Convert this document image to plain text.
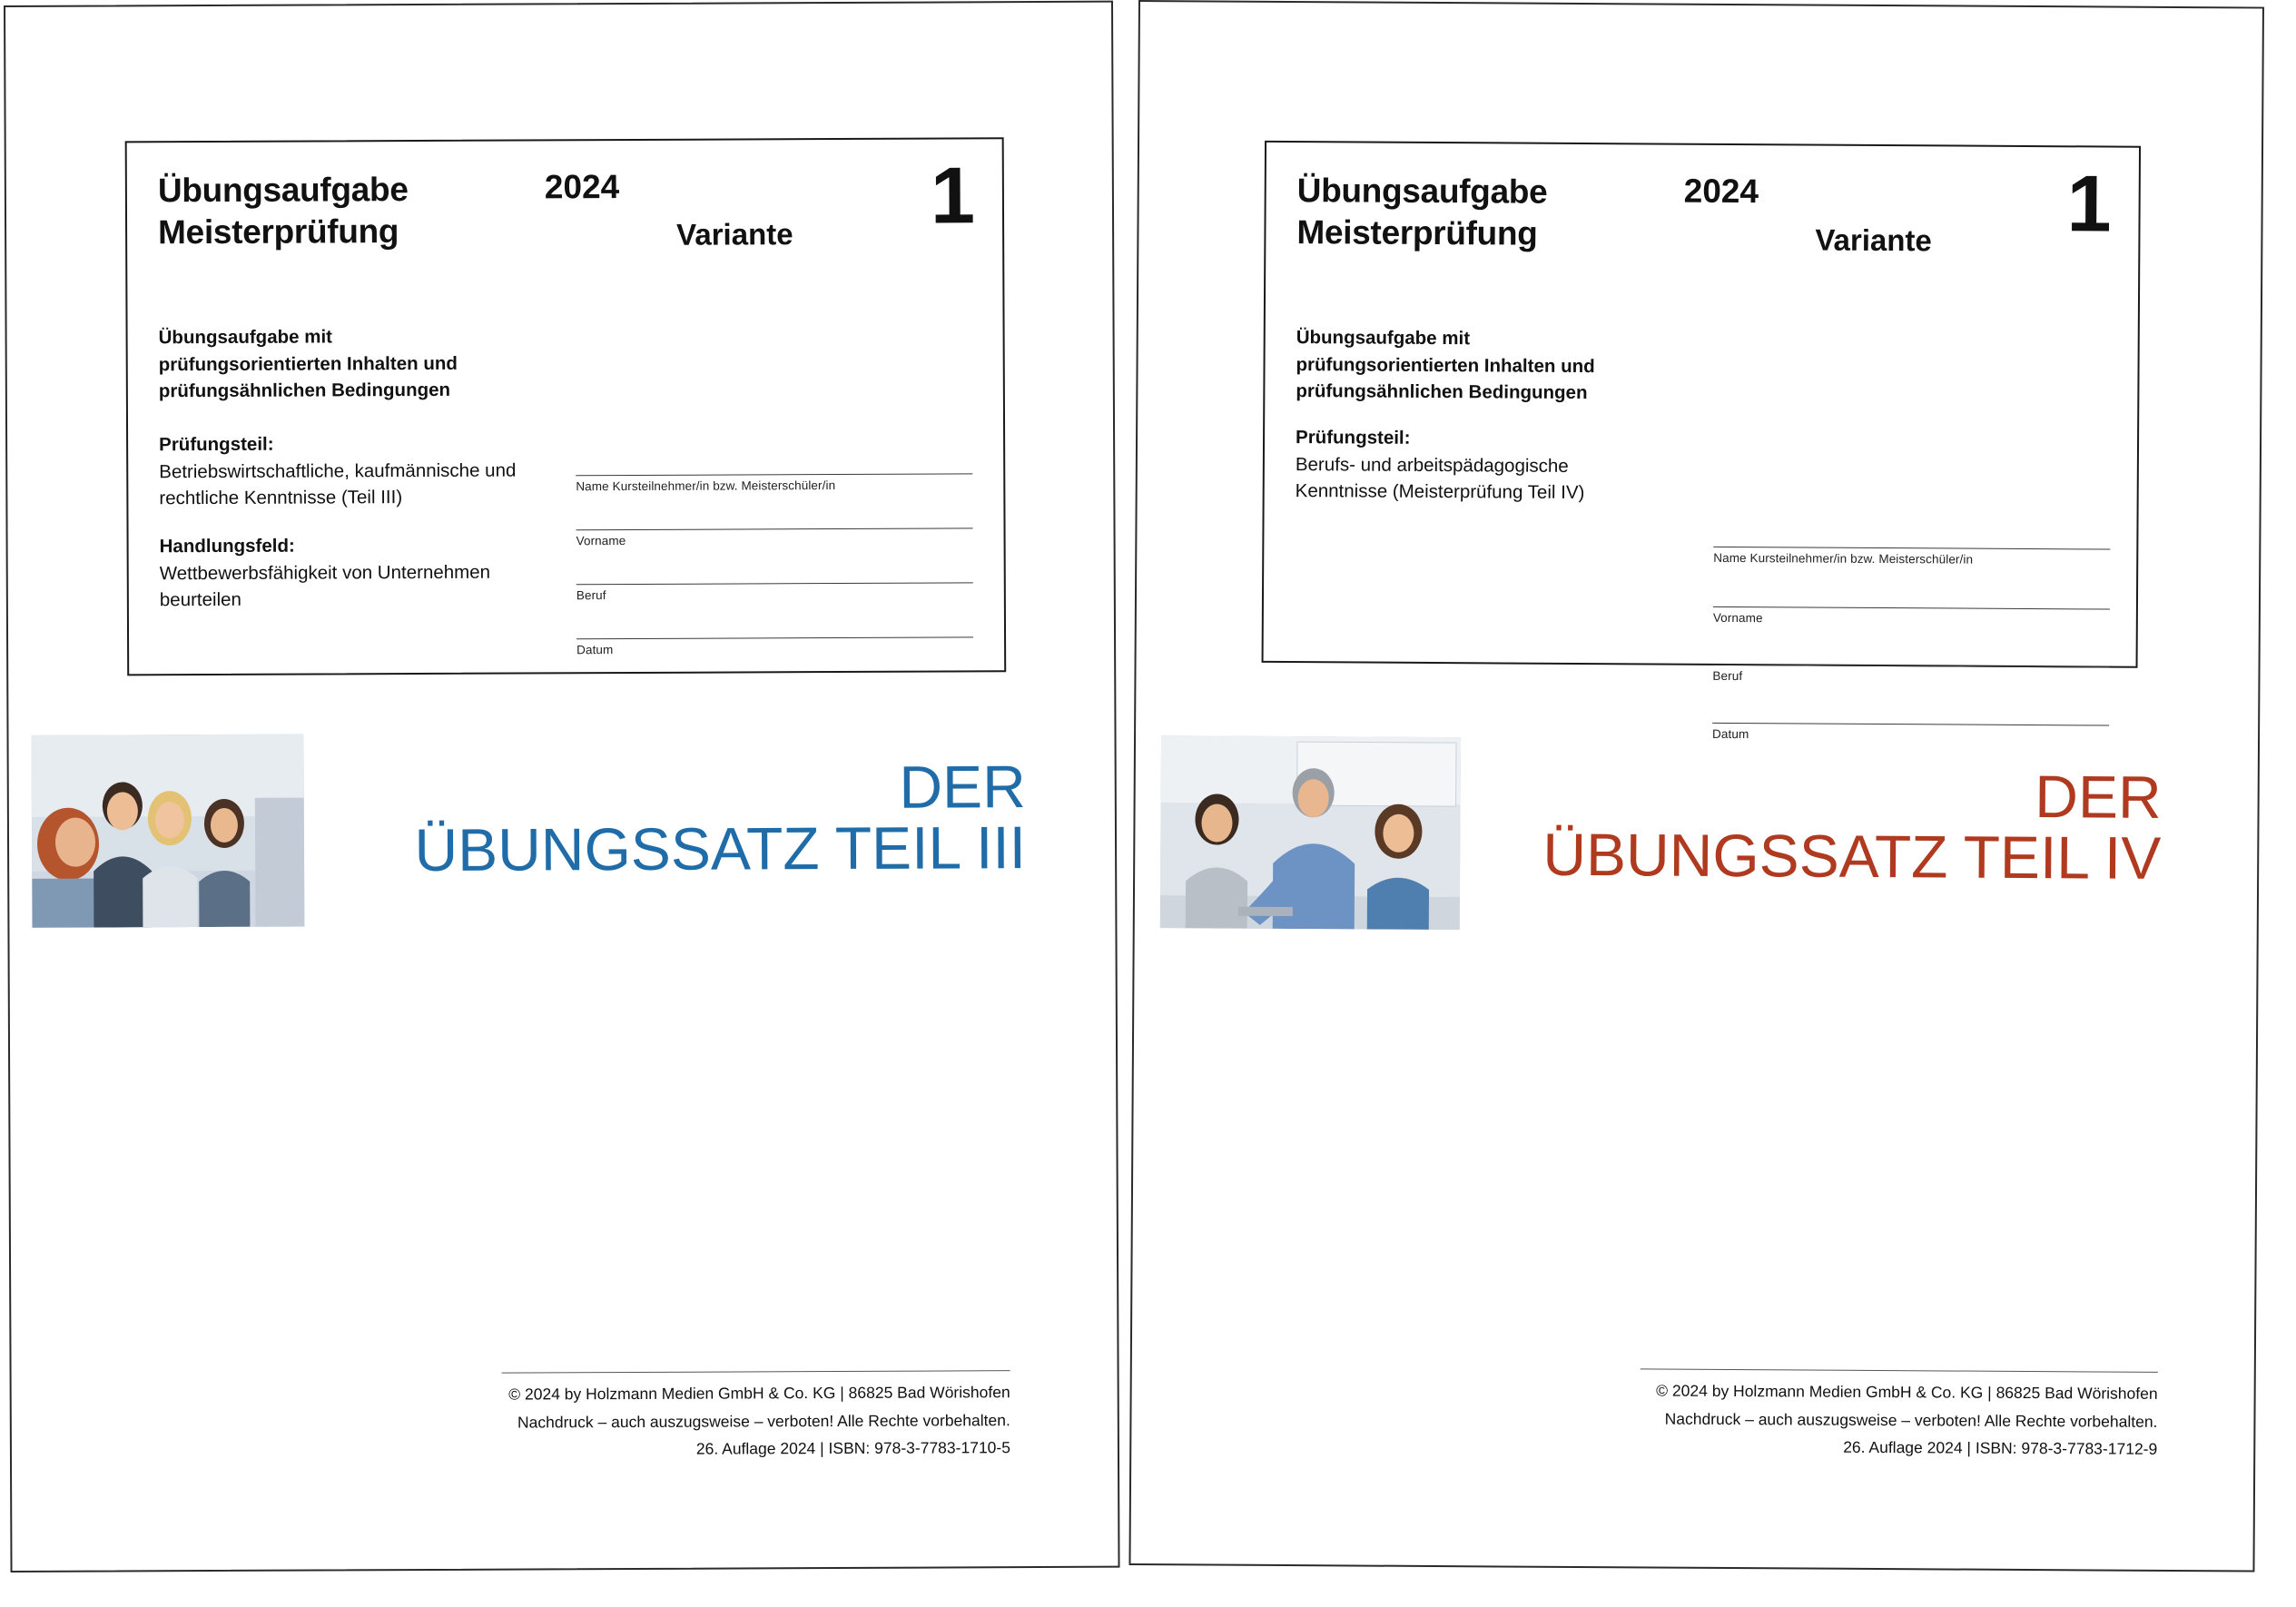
Übungsaufgabe
Meisterprüfung
2024
Variante 1
Übungsaufgabe mit prüfungsorientierten Inhalten und prüfungsähnlichen Bedingungen
Prüfungsteil:
Betriebswirtschaftliche, kaufmännische und rechtliche Kenntnisse (Teil III)
Handlungsfeld:
Wettbewerbsfähigkeit von Unternehmen beurteilen
Name Kursteilnehmer/in bzw. Meisterschüler/in
Vorname
Beruf
Datum
DER
ÜBUNGSSATZ TEIL III
© 2024 by Holzmann Medien GmbH & Co. KG | 86825 Bad Wörishofen
Nachdruck – auch auszugsweise – verboten! Alle Rechte vorbehalten.
26. Auflage 2024 | ISBN: 978-3-7783-1710-5
Übungsaufgabe
Meisterprüfung
2024
Variante 1
Übungsaufgabe mit prüfungsorientierten Inhalten und prüfungsähnlichen Bedingungen
Prüfungsteil:
Berufs- und arbeitspädagogische Kenntnisse (Meisterprüfung Teil IV)
Name Kursteilnehmer/in bzw. Meisterschüler/in
Vorname
Beruf
Datum
DER
ÜBUNGSSATZ TEIL IV
© 2024 by Holzmann Medien GmbH & Co. KG | 86825 Bad Wörishofen
Nachdruck – auch auszugsweise – verboten! Alle Rechte vorbehalten.
26. Auflage 2024 | ISBN: 978-3-7783-1712-9
